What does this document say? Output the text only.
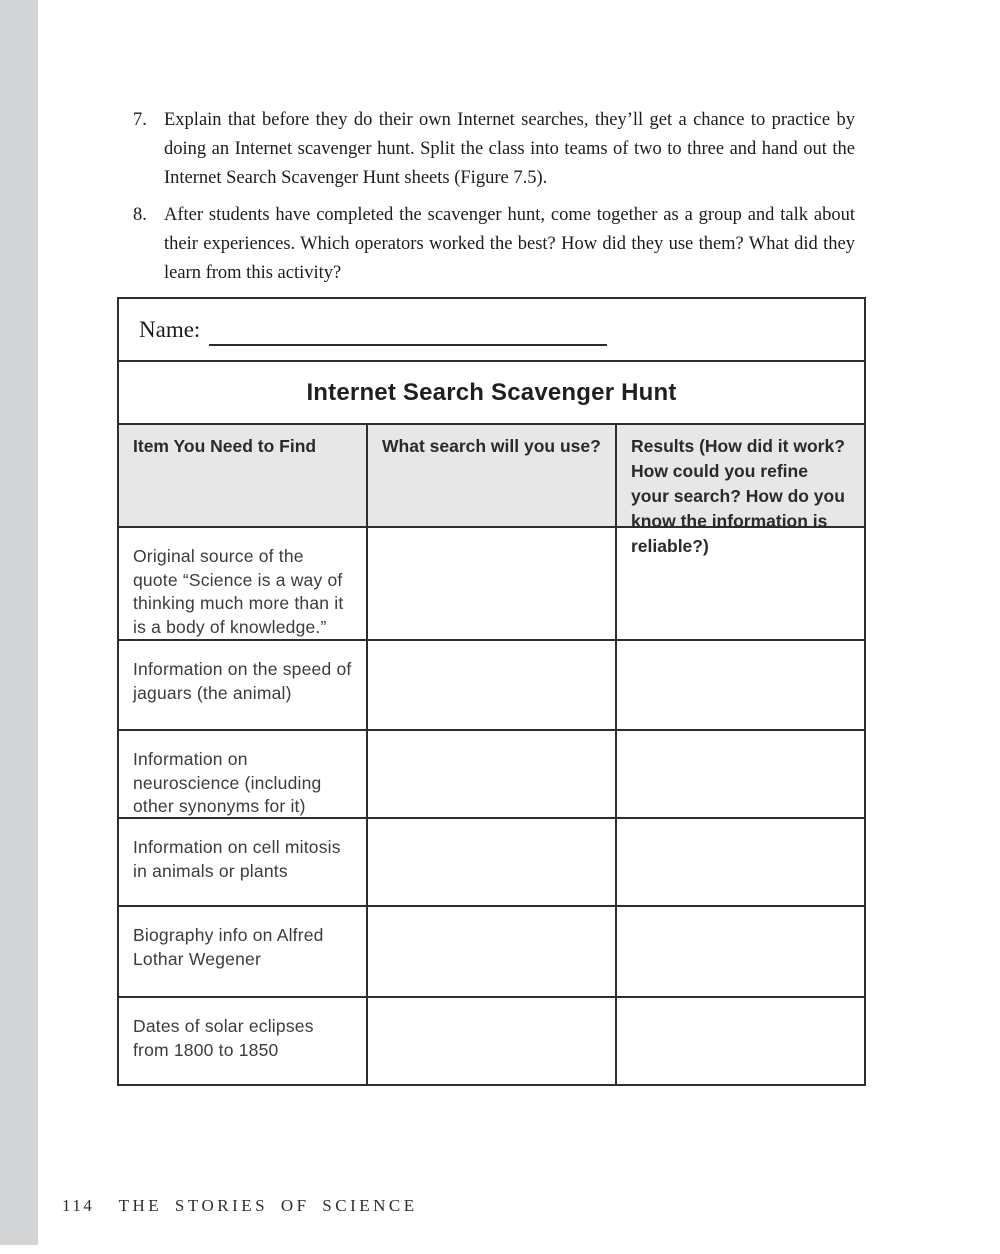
7. Explain that before they do their own Internet searches, they’ll get a chance to practice by doing an Internet scavenger hunt. Split the class into teams of two to three and hand out the Internet Search Scavenger Hunt sheets (Figure 7.5).
8. After students have completed the scavenger hunt, come together as a group and talk about their experiences. Which operators worked the best? How did they use them? What did they learn from this activity?
Name:
Internet Search Scavenger Hunt
Item You Need to Find	What search will you use?	Results (How did it work? How could you refine your search? How do you know the information is reliable?)
Original source of the quote “Science is a way of thinking much more than it is a body of knowledge.”
Information on the speed of jaguars (the animal)
Information on neuroscience (including other synonyms for it)
Information on cell mitosis in animals or plants
Biography info on Alfred Lothar Wegener
Dates of solar eclipses from 1800 to 1850
114 THE STORIES OF SCIENCE
